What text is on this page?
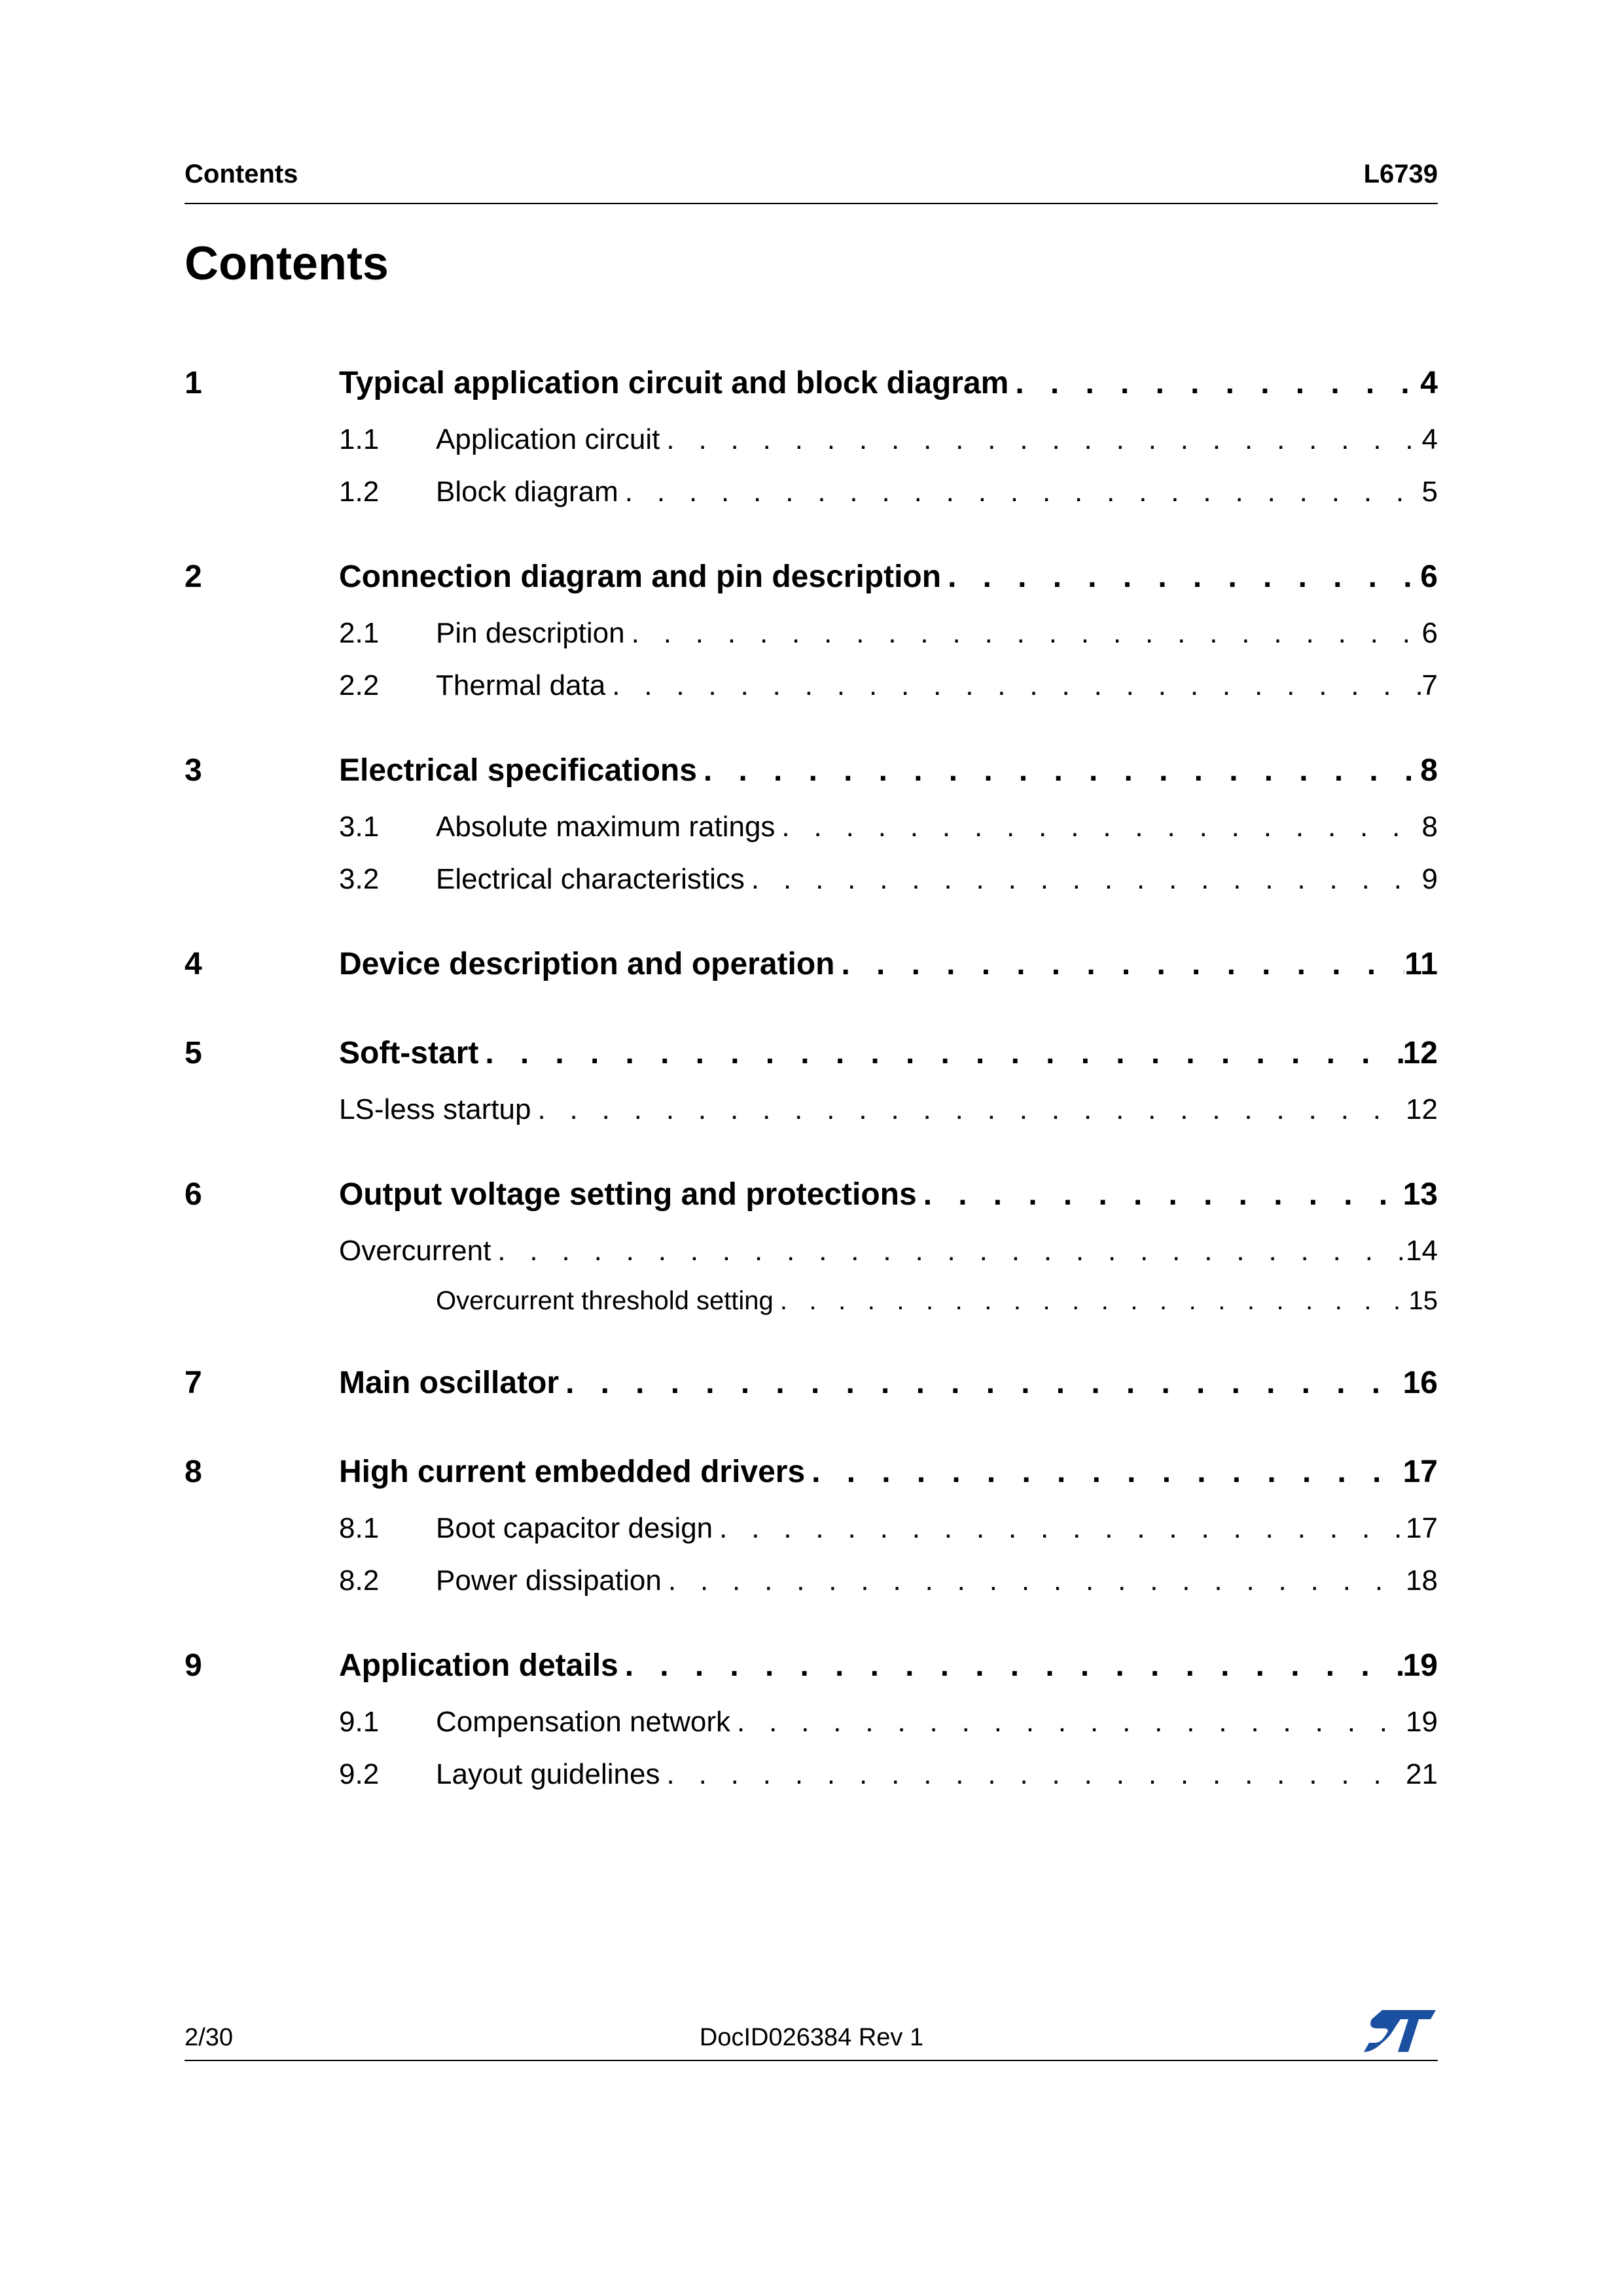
Contents	L6739
Contents
1	Typical application circuit and block diagram . . .	4
1.1	Application circuit . . .	4
1.2	Block diagram . . .	5
2	Connection diagram and pin description . . .	6
2.1	Pin description . . .	6
2.2	Thermal data . . .	7
3	Electrical specifications . . .	8
3.1	Absolute maximum ratings . . .	8
3.2	Electrical characteristics . . .	9
4	Device description and operation . . .	11
5	Soft-start . . .	12
LS-less startup . . .	12
6	Output voltage setting and protections . . .	13
Overcurrent . . .	14
Overcurrent threshold setting . . .	15
7	Main oscillator . . .	16
8	High current embedded drivers . . .	17
8.1	Boot capacitor design . . .	17
8.2	Power dissipation . . .	18
9	Application details . . .	19
9.1	Compensation network . . .	19
9.2	Layout guidelines . . .	21
2/30	DocID026384 Rev 1
